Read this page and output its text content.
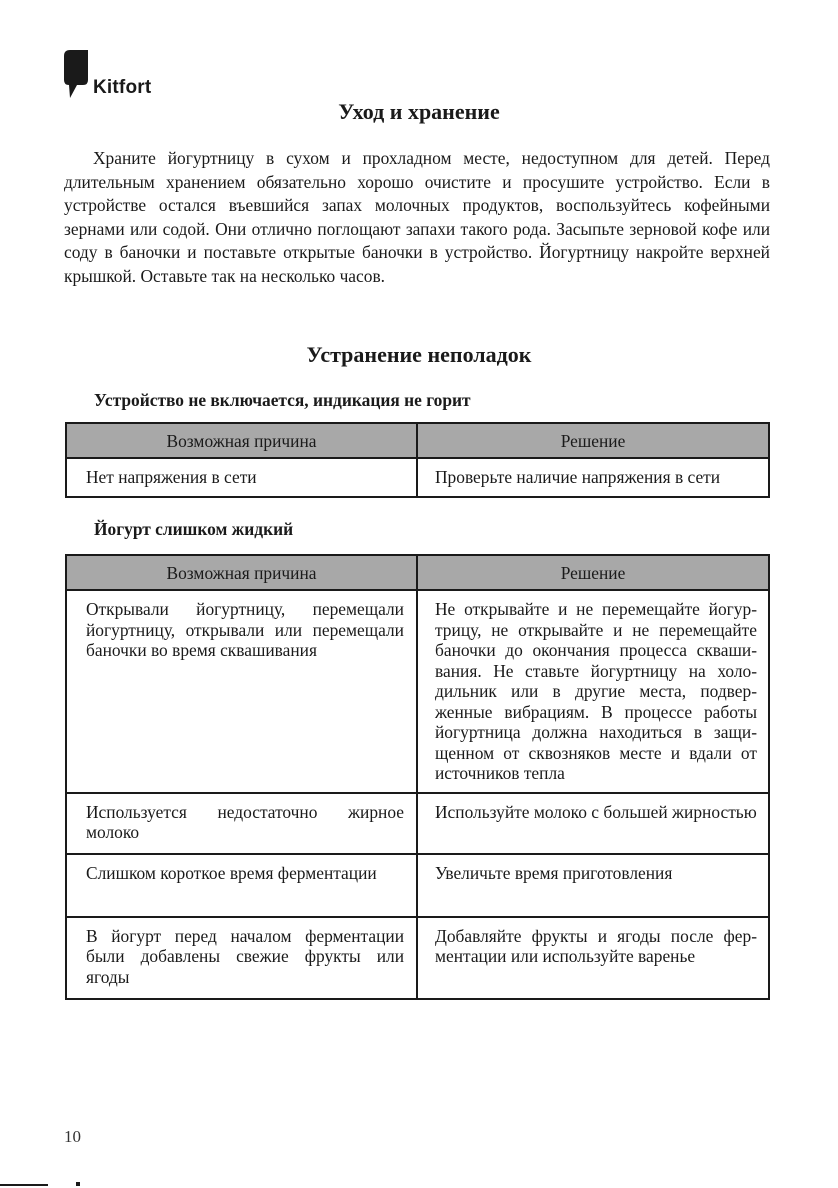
Kitfort
Уход и хранение
Храните йогуртницу в сухом и прохладном месте, недоступном для детей. Перед длительным хранением обязательно хорошо очистите и просушите устройство. Если в устройстве остался въевшийся запах молочных продуктов, воспользуйтесь кофейными зернами или содой. Они отлично поглощают запахи такого рода. Засыпьте зерновой кофе или соду в баночки и поставьте открытые баночки в устройство. Йогуртницу накройте верхней крышкой. Оставьте так на несколько часов.
Устранение неполадок
Устройство не включается, индикация не горит
Возможная причина	Решение
Нет напряжения в сети	Проверьте наличие напряжения в сети
Йогурт слишком жидкий
Возможная причина	Решение
Открывали йогуртницу, перемещали йогуртницу, открывали или перемещали баночки во время сквашивания	Не открывайте и не перемещайте йогуртрицу, не открывайте и не перемещайте баночки до окончания процесса сквашивания. Не ставьте йогуртницу на холодильник или в другие места, подверженные вибрациям. В процессе работы йогуртница должна находиться в защищенном от сквозняков месте и вдали от источников тепла
Используется недостаточно жирное молоко	Используйте молоко с большей жирностью
Слишком короткое время ферментации	Увеличьте время приготовления
В йогурт перед началом ферментации были добавлены свежие фрукты или ягоды	Добавляйте фрукты и ягоды после ферментации или используйте варенье
10
